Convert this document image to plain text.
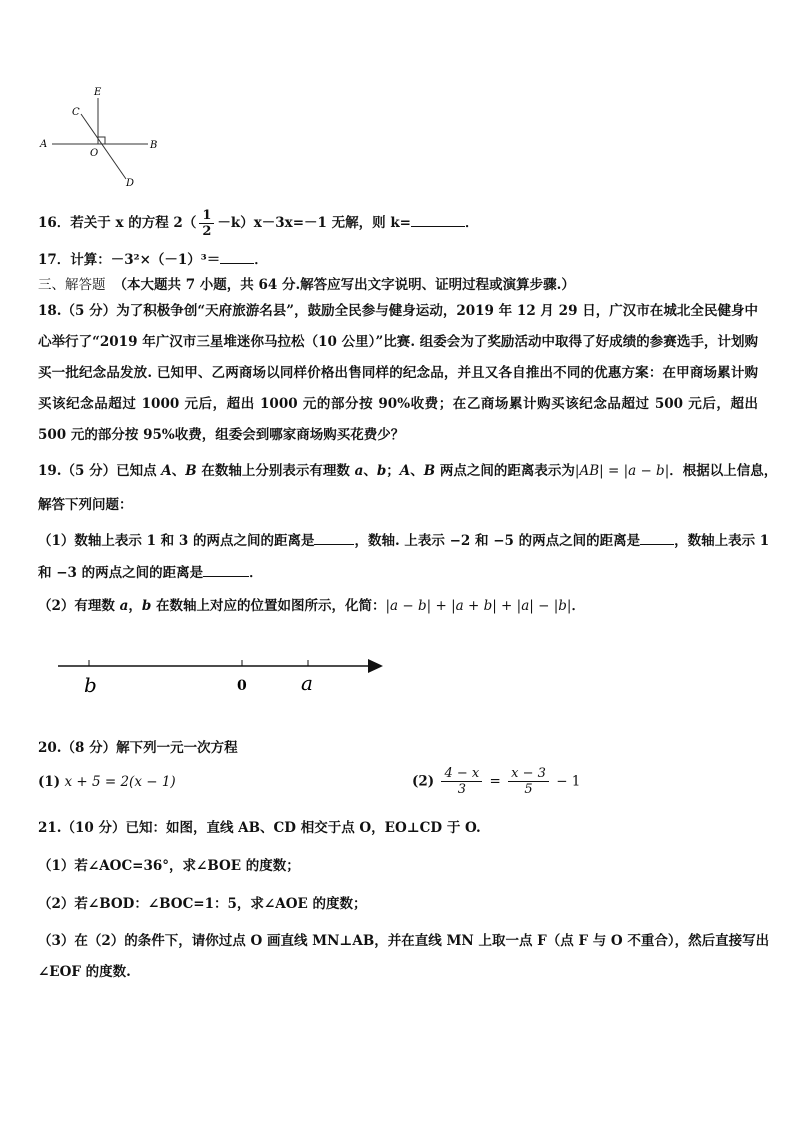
A	B
C
D
E
O
16．若关于 x 的方程 $2( \frac{1}{2} -k)x-3x=-1$ 无解，则 k=	．
17．计算：－3²×（－1）³＝	．
三、解答题 （本大题共 7 小题，共 64 分.解答应写出文字说明、证明过程或演算步骤.）
18.（5 分）为了积极争创“天府旅游名县”，鼓励全民参与健身运动，2019 年 12 月 29 日，广汉市在城北全民健身中心举行了“2019 年广汉市三星堆迷你马拉松（10 公里）”比赛. 组委会为了奖励活动中取得了好成绩的参赛选手，计划购买一批纪念品发放. 已知甲、乙两商场以同样价格出售同样的纪念品，并且又各自推出不同的优惠方案：在甲商场累计购买该纪念品超过 1000 元后，超出 1000 元的部分按 90%收费；在乙商场累计购买该纪念品超过 500 元后，超出 500 元的部分按 95%收费，组委会到哪家商场购买花费少？
19.（5 分）已知点 A、B 在数轴上分别表示有理数 a、b；A、B 两点之间的距离表示为|AB| = |a − b|．根据以上信息，
解答下列问题：
（1）数轴上表示 1 和 3 的两点之间的距离是	，数轴. 上表示 −2 和 −5 的两点之间的距离是	，数轴上表示 1
和 −3 的两点之间的距离是	．
（2）有理数 a，b 在数轴上对应的位置如图所示，化简：|a − b| + |a + b| + |a| − |b|．
b	0	a
20.（8 分）解下列一元一次方程
(1) x + 5 = 2(x − 1)	$(2) \frac{4 - x}{3} = \frac{x - 3}{5} - 1$
21.（10 分）已知：如图，直线 AB、CD 相交于点 O，EO⊥CD 于 O.
（1）若∠AOC=36°，求∠BOE 的度数；
（2）若∠BOD：∠BOC=1：5，求∠AOE 的度数；
（3）在（2）的条件下，请你过点 O 画直线 MN⊥AB，并在直线 MN 上取一点 F（点 F 与 O 不重合），然后直接写出
∠EOF 的度数.
